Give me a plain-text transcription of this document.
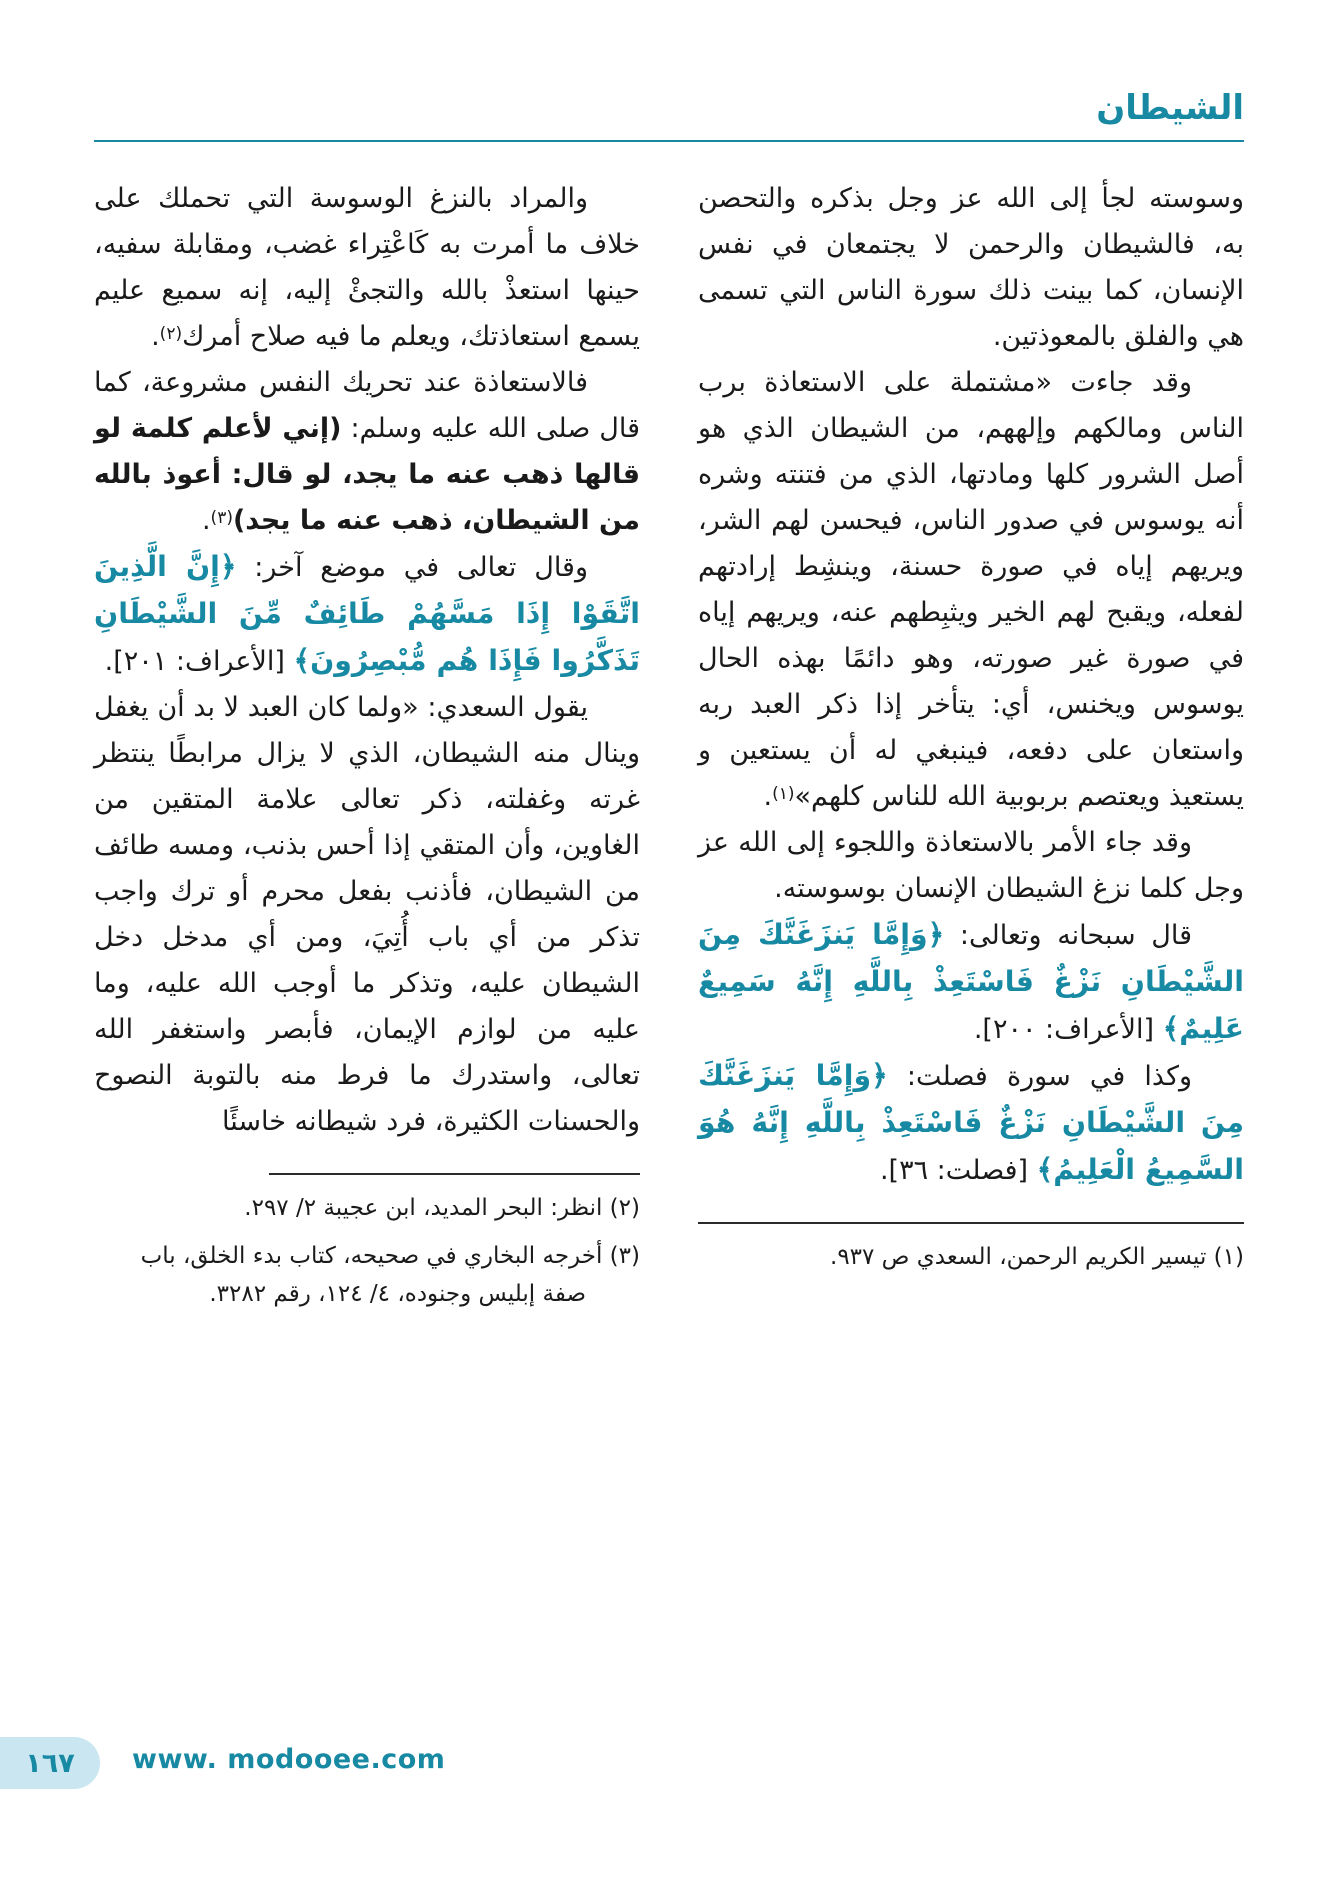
الشيطان

وسوسته لجأ إلى الله عز وجل بذكره والتحصن به، فالشيطان والرحمن لا يجتمعان في نفس الإنسان، كما بينت ذلك سورة الناس التي تسمى هي والفلق بالمعوذتين.

وقد جاءت «مشتملة على الاستعاذة برب الناس ومالكهم وإلههم، من الشيطان الذي هو أصل الشرور كلها ومادتها، الذي من فتنته وشره أنه يوسوس في صدور الناس، فيحسن لهم الشر، ويريهم إياه في صورة حسنة، وينشِط إرادتهم لفعله، ويقبح لهم الخير ويثبِطهم عنه، ويريهم إياه في صورة غير صورته، وهو دائمًا بهذه الحال يوسوس ويخنس، أي: يتأخر إذا ذكر العبد ربه واستعان على دفعه، فينبغي له أن يستعين و يستعيذ ويعتصم بربوبية الله للناس كلهم»$^{(١)}$.

وقد جاء الأمر بالاستعاذة واللجوء إلى الله عز وجل كلما نزغ الشيطان الإنسان بوسوسته.

قال سبحانه وتعالى: ﴿وَإِمَّا يَنزَغَنَّكَ مِنَ الشَّيْطَانِ نَزْغٌ فَاسْتَعِذْ بِاللَّهِ إِنَّهُ سَمِيعٌ عَلِيمٌ﴾ [الأعراف: ٢٠٠].

وكذا في سورة فصلت: ﴿وَإِمَّا يَنزَغَنَّكَ مِنَ الشَّيْطَانِ نَزْغٌ فَاسْتَعِذْ بِاللَّهِ إِنَّهُ هُوَ السَّمِيعُ الْعَلِيمُ﴾ [فصلت: ٣٦].

(١) تيسير الكريم الرحمن، السعدي ص ٩٣٧.

والمراد بالنزغ الوسوسة التي تحملك على خلاف ما أمرت به كَاعْتِراء غضب، ومقابلة سفيه، حينها استعذْ بالله والتجئْ إليه، إنه سميع عليم يسمع استعاذتك، ويعلم ما فيه صلاح أمرك$^{(٢)}$.

فالاستعاذة عند تحريك النفس مشروعة، كما قال صلى الله عليه وسلم: (إني لأعلم كلمة لو قالها ذهب عنه ما يجد، لو قال: أعوذ بالله من الشيطان، ذهب عنه ما يجد)$^{(٣)}$.

وقال تعالى في موضع آخر: ﴿إِنَّ الَّذِينَ اتَّقَوْا إِذَا مَسَّهُمْ طَائِفٌ مِّنَ الشَّيْطَانِ تَذَكَّرُوا فَإِذَا هُم مُّبْصِرُونَ﴾ [الأعراف: ٢٠١].

يقول السعدي: «ولما كان العبد لا بد أن يغفل وينال منه الشيطان، الذي لا يزال مرابطًا ينتظر غرته وغفلته، ذكر تعالى علامة المتقين من الغاوين، وأن المتقي إذا أحس بذنب، ومسه طائف من الشيطان، فأذنب بفعل محرم أو ترك واجب تذكر من أي باب أُتِيَ، ومن أي مدخل دخل الشيطان عليه، وتذكر ما أوجب الله عليه، وما عليه من لوازم الإيمان، فأبصر واستغفر الله تعالى، واستدرك ما فرط منه بالتوبة النصوح والحسنات الكثيرة، فرد شيطانه خاسئًا

(٢) انظر: البحر المديد، ابن عجيبة ٢/ ٢٩٧.
(٣) أخرجه البخاري في صحيحه، كتاب بدء الخلق، باب صفة إبليس وجنوده، ٤/ ١٢٤، رقم ٣٢٨٢.
١٦٧ www. modooee.com
